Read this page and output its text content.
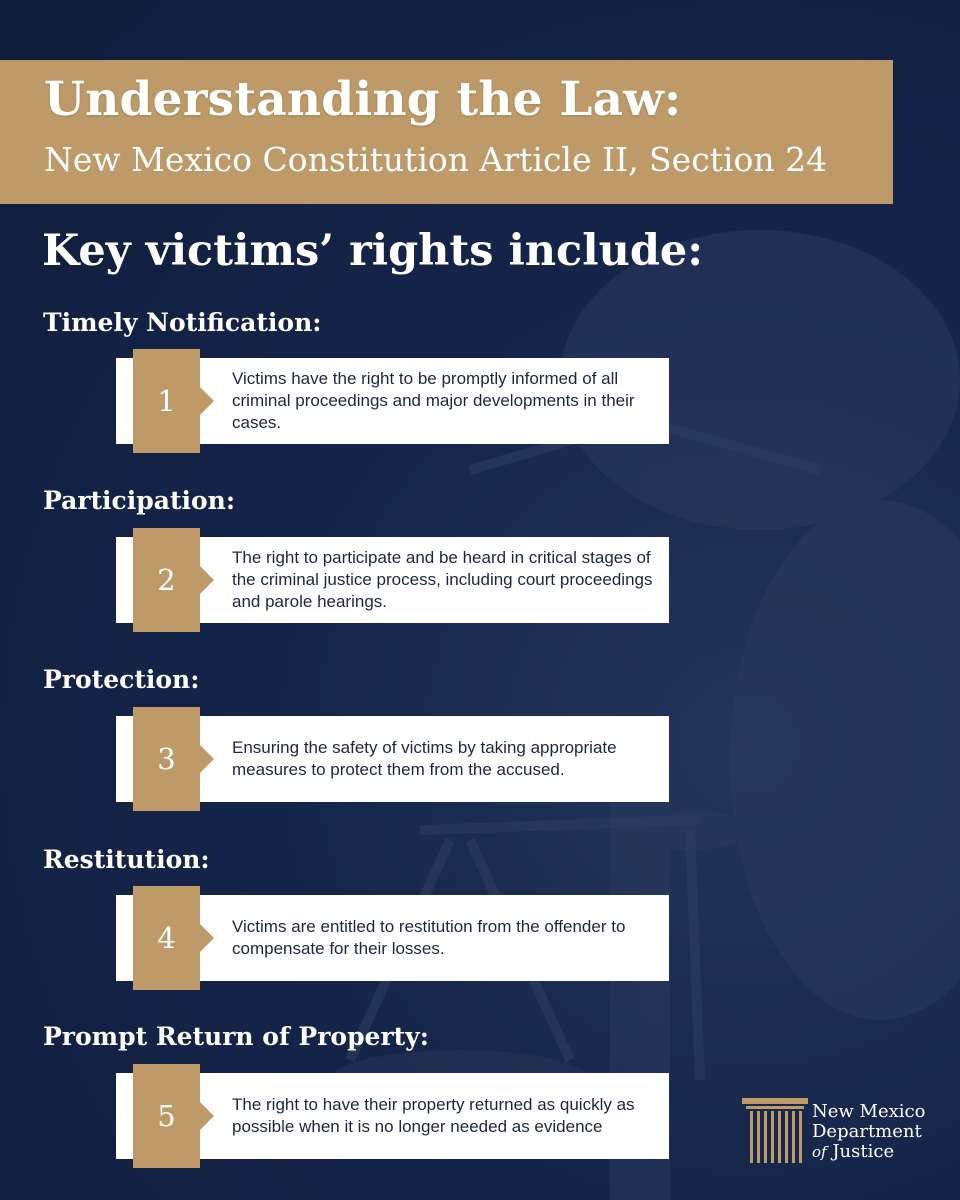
Understanding the Law:
New Mexico Constitution Article II, Section 24
Key victims’ rights include:
Timely Notification:
1
Victims have the right to be promptly informed of all criminal proceedings and major developments in their cases.
Participation:
2
The right to participate and be heard in critical stages of the criminal justice process, including court proceedings and parole hearings.
Protection:
3	Ensuring the safety of victims by taking appropriate measures to protect them from the accused.
Restitution:
4	Victims are entitled to restitution from the offender to compensate for their losses.
Prompt Return of Property:
5	The right to have their property returned as quickly as possible when it is no longer needed as evidence
New Mexico
Department
of Justice
